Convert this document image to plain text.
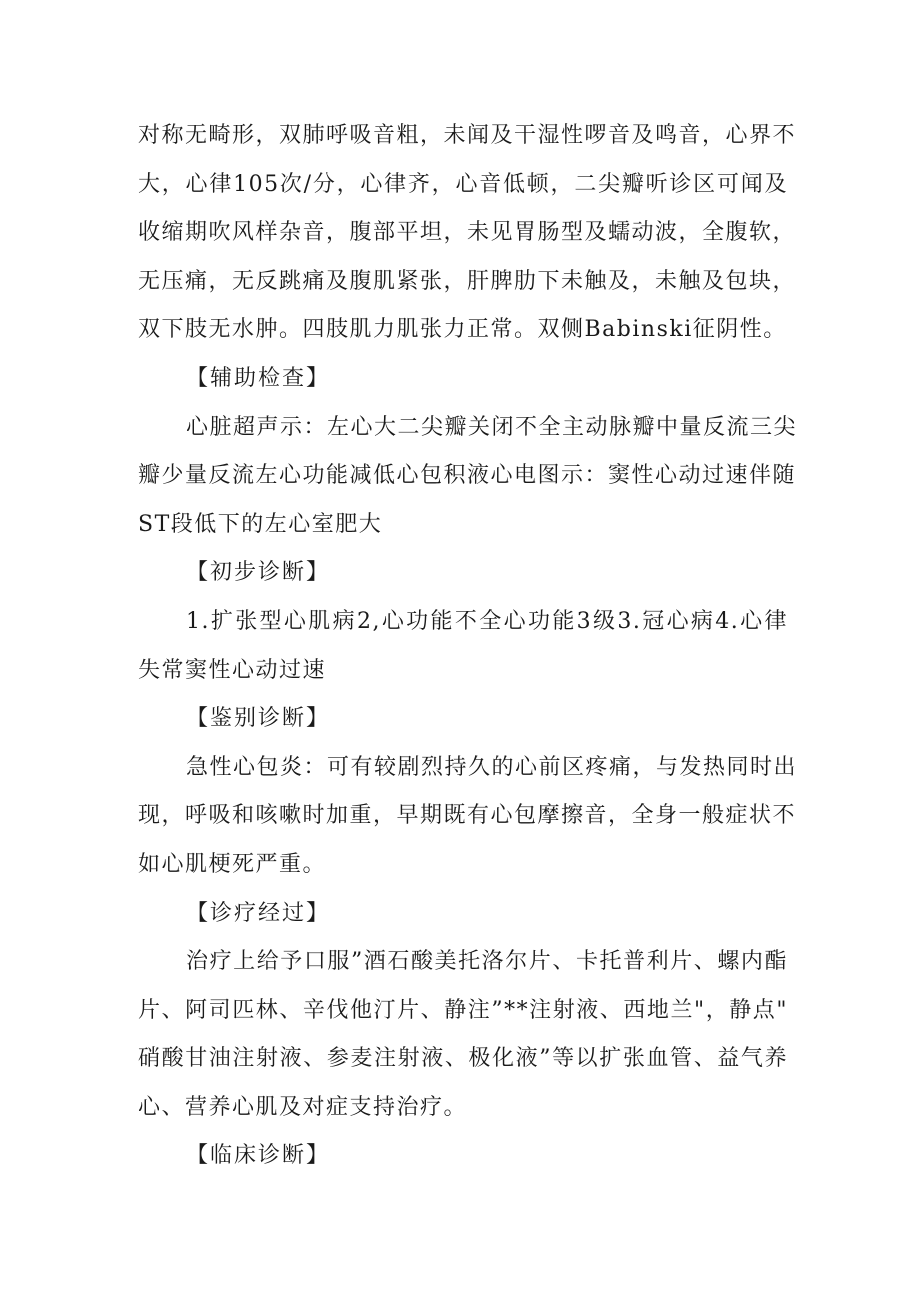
对称无畸形，双肺呼吸音粗，未闻及干湿性啰音及鸣音，心界不
大，心律105次/分，心律齐，心音低顿，二尖瓣听诊区可闻及
收缩期吹风样杂音，腹部平坦，未见胃肠型及蠕动波，全腹软，
无压痛，无反跳痛及腹肌紧张，肝脾肋下未触及，未触及包块，
双下肢无水肿。四肢肌力肌张力正常。双侧Babinski征阴性。
【辅助检查】
心脏超声示：左心大二尖瓣关闭不全主动脉瓣中量反流三尖
瓣少量反流左心功能减低心包积液心电图示：窦性心动过速伴随
ST段低下的左心室肥大
【初步诊断】
1.扩张型心肌病2,心功能不全心功能3级3.冠心病4.心律
失常窦性心动过速
【鉴别诊断】
急性心包炎：可有较剧烈持久的心前区疼痛，与发热同时出
现，呼吸和咳嗽时加重，早期既有心包摩擦音，全身一般症状不
如心肌梗死严重。
【诊疗经过】
治疗上给予口服”酒石酸美托洛尔片、卡托普利片、螺内酯
片、阿司匹林、辛伐他汀片、静注”**注射液、西地兰"，静点"
硝酸甘油注射液、参麦注射液、极化液”等以扩张血管、益气养
心、营养心肌及对症支持治疗。
【临床诊断】
